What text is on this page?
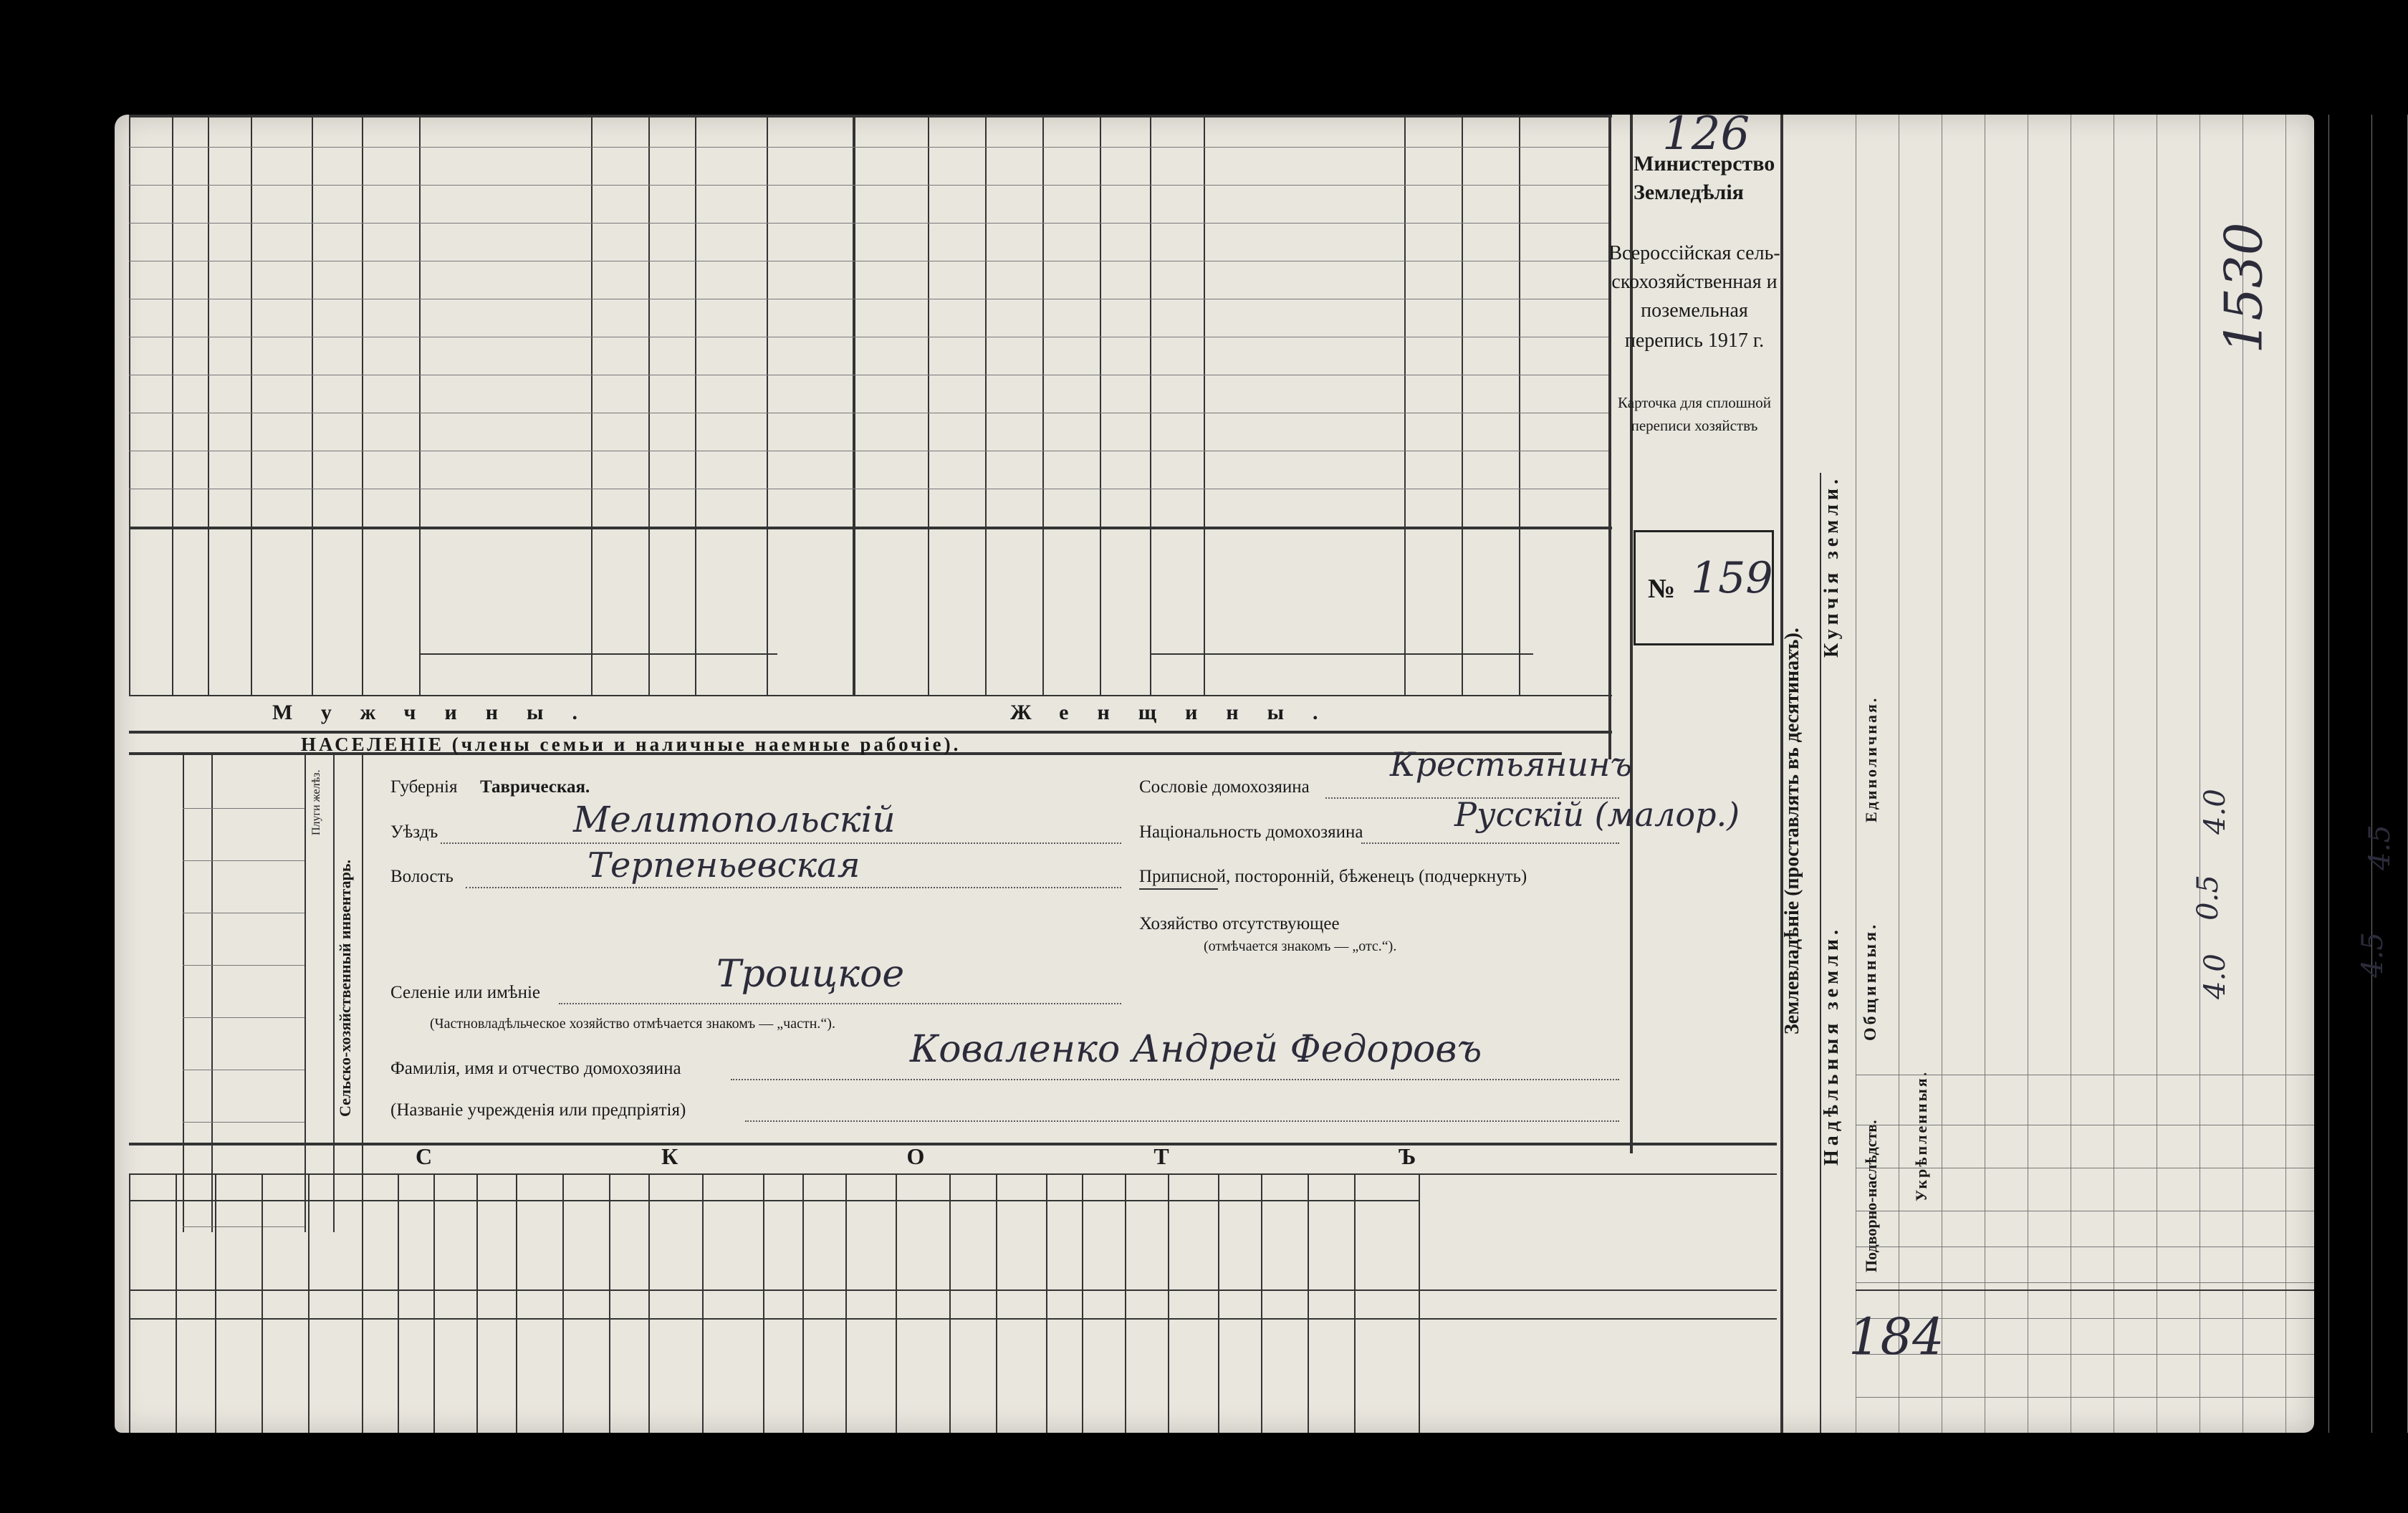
Мужчины.	Женщины.
НАСЕЛЕНІЕ (члены семьи и наличные наемные рабочіе).
Министерство
Земледѣлія
Всероссійская сель-
скохозяйственная и
поземельная
перепись 1917 г.
Карточка для сплошной
переписи хозяйствъ
126
№ 159
Землевладѣніе (проставлять въ десятинахъ).
Надѣльныя земли.
Купчія земли.
Общинныя.
Укрѣпленныя.
Подворно-наслѣдств.
Единоличная.
0.5
4.0
4.0
4.5
4.5
1530
Сельско-хозяйственный инвентарь.
Плуги желѣз.	Губернія Таврическая.
Уѣздъ	Мелитопольскій
Волость	Терпеньевская
Селеніе или имѣніе	Троицкое
(Частновладѣльческое хозяйство отмѣчается знакомъ — „частн.“).
Фамилія, имя и отчество домохозяина	Коваленко Андрей Федоровъ
(Названіе учрежденія или предпріятія)
Сословіе домохозяина
Крестьянинъ
Національность домохозяина	Русскій (малор.)
Приписной, посторонній, бѣженецъ (подчеркнуть)
Хозяйство отсутствующее
(отмѣчается знакомъ — „отс.“).
СКОТЪ
184
